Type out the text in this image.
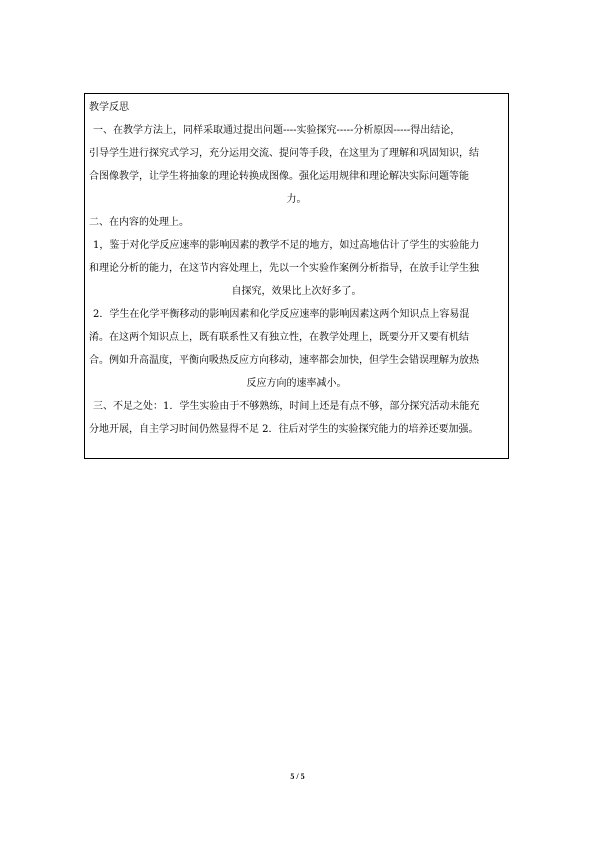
教学反思

一、在教学方法上，同样采取通过提出问题----实验探究-----分析原因-----得出结论，

引导学生进行探究式学习，充分运用交流、提问等手段，在这里为了理解和巩固知识，结

合图像教学，让学生将抽象的理论转换成图像。强化运用规律和理论解决实际问题等能

力。

二、在内容的处理上。

1，鉴于对化学反应速率的影响因素的教学不足的地方，如过高地估计了学生的实验能力

和理论分析的能力，在这节内容处理上，先以一个实验作案例分析指导，在放手让学生独

自探究，效果比上次好多了。

2．学生在化学平衡移动的影响因素和化学反应速率的影响因素这两个知识点上容易混

淆。在这两个知识点上，既有联系性又有独立性，在教学处理上，既要分开又要有机结

合。例如升高温度，平衡向吸热反应方向移动，速率都会加快，但学生会错误理解为放热

反应方向的速率减小。

三、不足之处：1．学生实验由于不够熟练，时间上还是有点不够，部分探究活动未能充

分地开展，自主学习时间仍然显得不足 2．往后对学生的实验探究能力的培养还要加强。

5 / 5
